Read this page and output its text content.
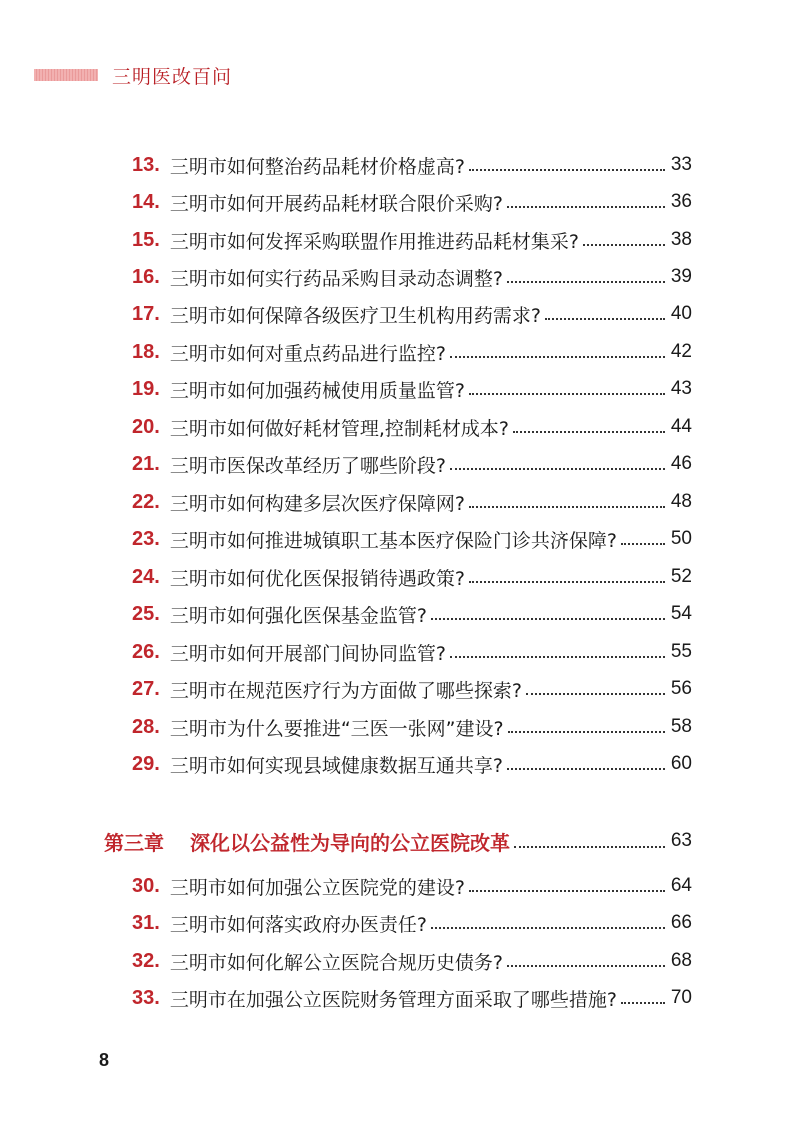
三明医改百问
13. 三明市如何整治药品耗材价格虚高?	33
14. 三明市如何开展药品耗材联合限价采购?	36
15. 三明市如何发挥采购联盟作用推进药品耗材集采?	38
16. 三明市如何实行药品采购目录动态调整?	39
17. 三明市如何保障各级医疗卫生机构用药需求?	40
18. 三明市如何对重点药品进行监控?	42
19. 三明市如何加强药械使用质量监管?	43
20. 三明市如何做好耗材管理,控制耗材成本?	44
21. 三明市医保改革经历了哪些阶段?	46
22. 三明市如何构建多层次医疗保障网?	48
23. 三明市如何推进城镇职工基本医疗保险门诊共济保障?	50
24. 三明市如何优化医保报销待遇政策?	52
25. 三明市如何强化医保基金监管?	54
26. 三明市如何开展部门间协同监管?	55
27. 三明市在规范医疗行为方面做了哪些探索?	56
28. 三明市为什么要推进“三医一张网”建设?	58
29. 三明市如何实现县域健康数据互通共享?	60
第三章 深化以公益性为导向的公立医院改革	63
30. 三明市如何加强公立医院党的建设?	64
31. 三明市如何落实政府办医责任?	66
32. 三明市如何化解公立医院合规历史债务?	68
33. 三明市在加强公立医院财务管理方面采取了哪些措施?	70
8
